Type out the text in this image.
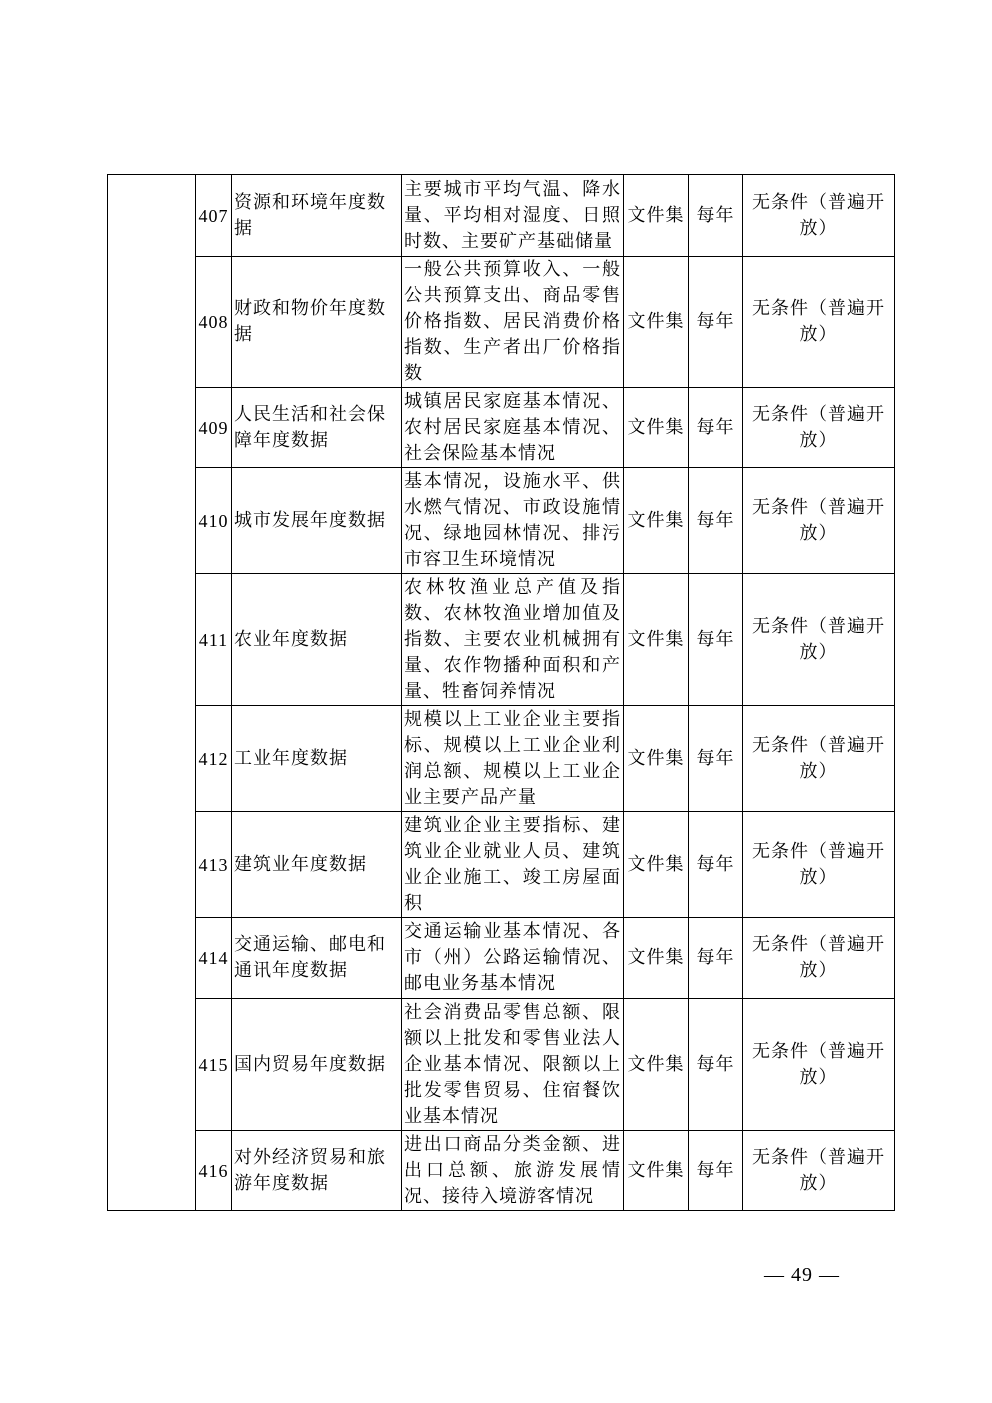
	407	资源和环境年度数据	主要城市平均气温、降水量、平均相对湿度、日照时数、主要矿产基础储量	文件集	每年	无条件（普遍开放）
	408	财政和物价年度数据	一般公共预算收入、一般公共预算支出、商品零售价格指数、居民消费价格指数、生产者出厂价格指数	文件集	每年	无条件（普遍开放）
	409	人民生活和社会保障年度数据	城镇居民家庭基本情况、农村居民家庭基本情况、社会保险基本情况	文件集	每年	无条件（普遍开放）
	410	城市发展年度数据	基本情况，设施水平、供水燃气情况、市政设施情况、绿地园林情况、排污市容卫生环境情况	文件集	每年	无条件（普遍开放）
	411	农业年度数据	农林牧渔业总产值及指数、农林牧渔业增加值及指数、主要农业机械拥有量、农作物播种面积和产量、牲畜饲养情况	文件集	每年	无条件（普遍开放）
	412	工业年度数据	规模以上工业企业主要指标、规模以上工业企业利润总额、规模以上工业企业主要产品产量	文件集	每年	无条件（普遍开放）
	413	建筑业年度数据	建筑业企业主要指标、建筑业企业就业人员、建筑业企业施工、竣工房屋面积	文件集	每年	无条件（普遍开放）
	414	交通运输、邮电和通讯年度数据	交通运输业基本情况、各市（州）公路运输情况、邮电业务基本情况	文件集	每年	无条件（普遍开放）
	415	国内贸易年度数据	社会消费品零售总额、限额以上批发和零售业法人企业基本情况、限额以上批发零售贸易、住宿餐饮业基本情况	文件集	每年	无条件（普遍开放）
	416	对外经济贸易和旅游年度数据	进出口商品分类金额、进出口总额、旅游发展情况、接待入境游客情况	文件集	每年	无条件（普遍开放）
— 49 —
